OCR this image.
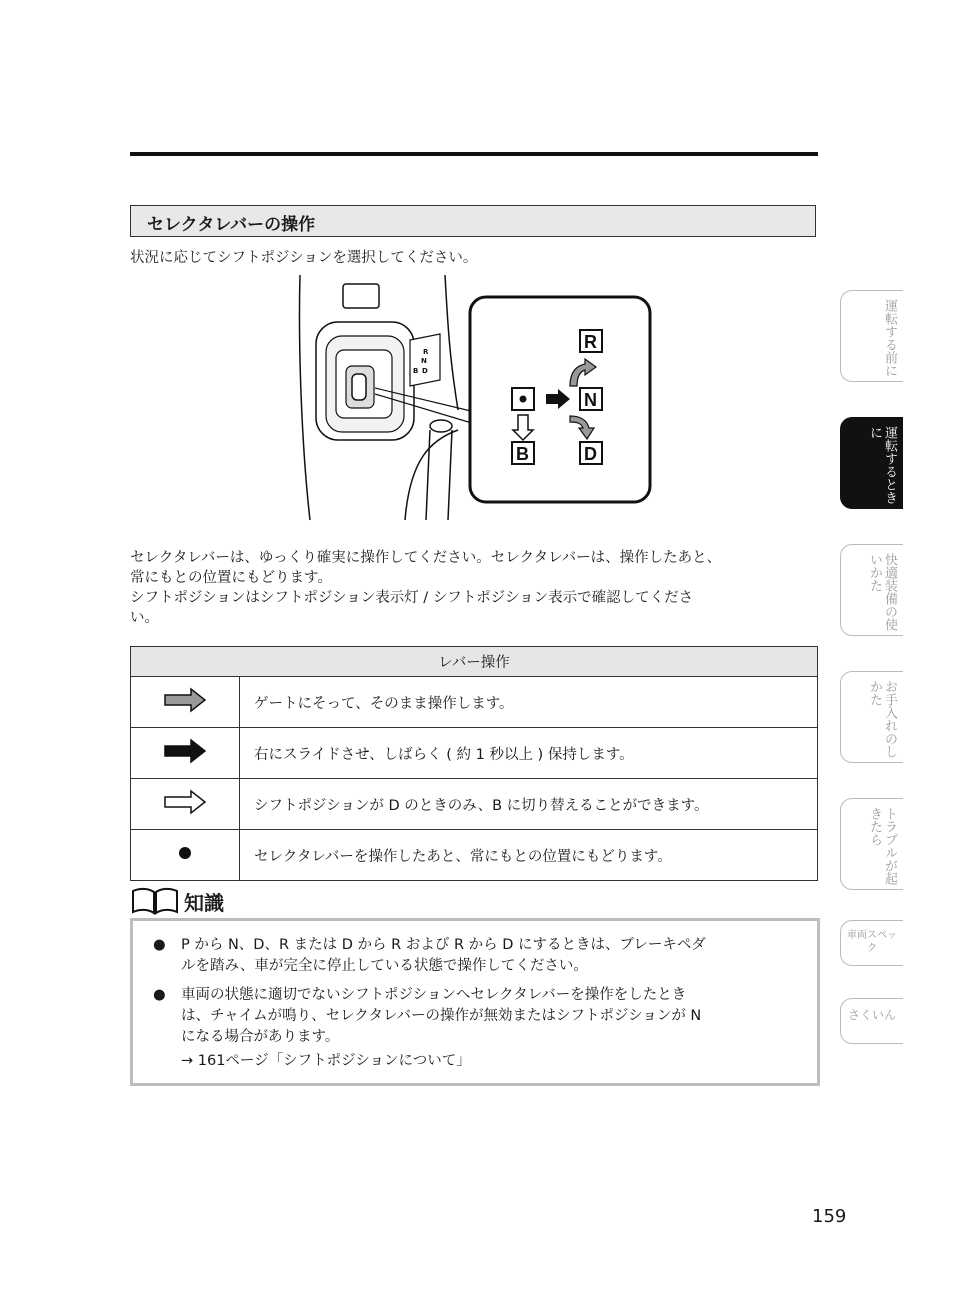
セレクタレバーの操作
状況に応じてシフトポジションを選択してください。
R
N
B D
R
N
B	D

セレクタレバーは、ゆっくり確実に操作してください。セレクタレバーは、操作したあと、

常にもとの位置にもどります。

シフトポジションはシフトポジション表示灯 / シフトポジション表示で確認してくださ

い。

レバー操作	
	ゲートにそって、そのまま操作します。
	右にスライドさせ、しばらく ( 約 1 秒以上 ) 保持します。
	シフトポジションが D のときのみ、B に切り替えることができます。
	セレクタレバーを操作したあと、常にもとの位置にもどります。
知識
● P から N、D、R または D から R および R から D にするときは、ブレーキペダ
ルを踏み、車が完全に停止している状態で操作してください。
● 車両の状態に適切でないシフトポジションへセレクタレバーを操作をしたとき
は、チャイムが鳴り、セレクタレバーの操作が無効またはシフトポジションが N
になる場合があります。
→ 161ページ「シフトポジションについて」
運転する前に
運転するときに
快適装備の使いかた
お手入れのしかた
トラブルが起きたら
車両スペック
さくいん
159
